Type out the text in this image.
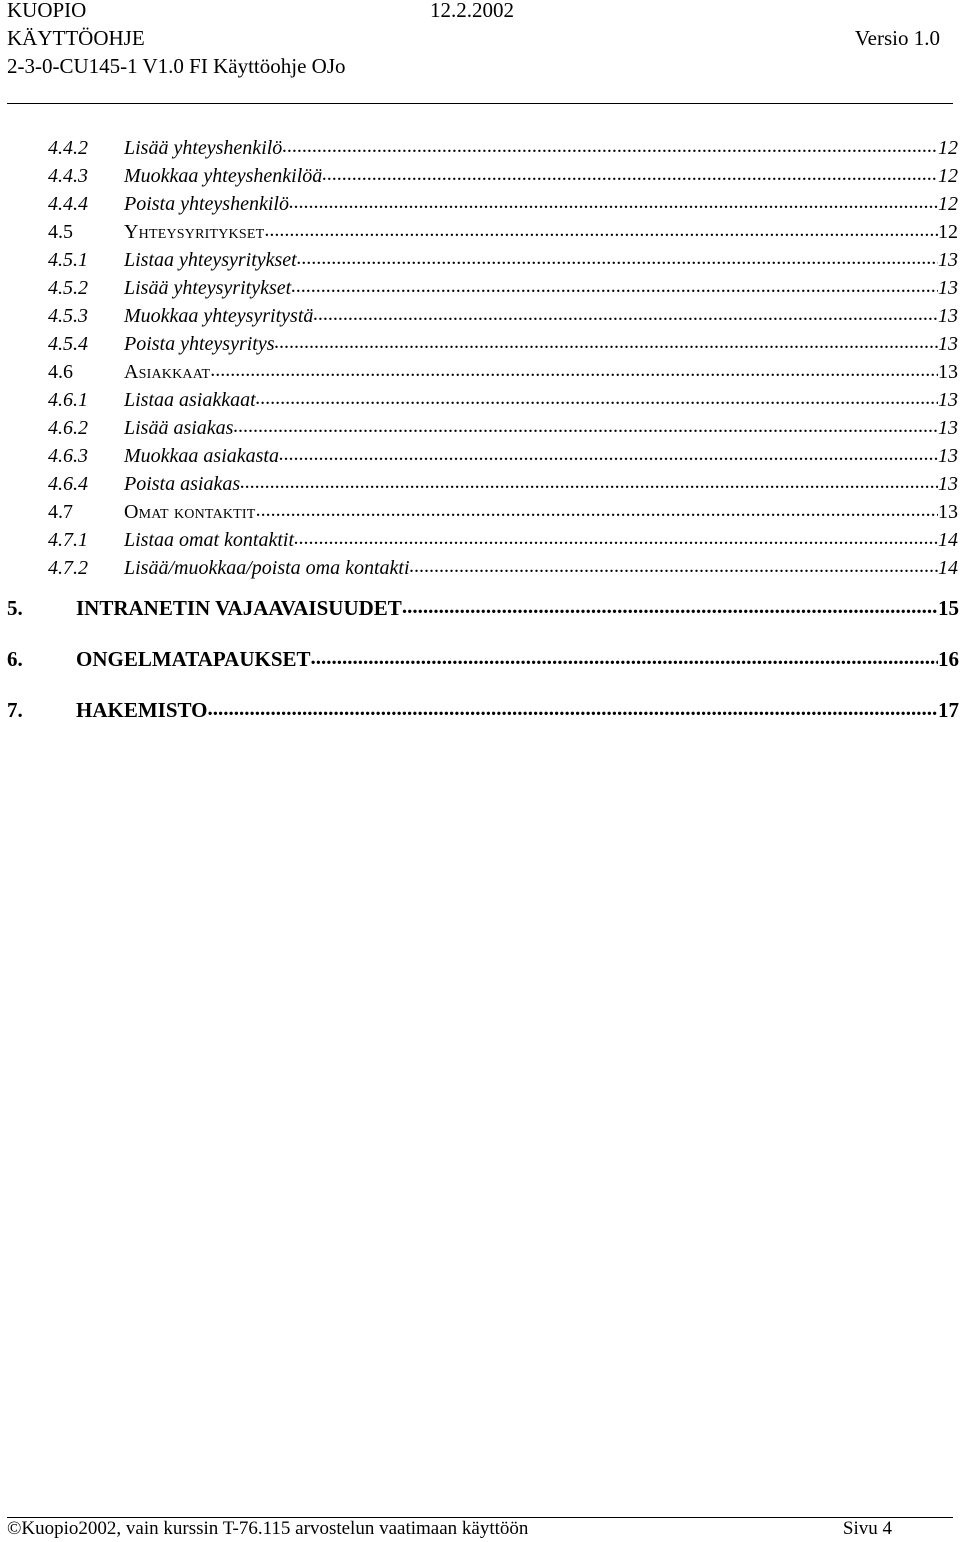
KUOPIO	12.2.2002
KÄYTTÖOHJE	Versio 1.0
2-3-0-CU145-1 V1.0 FI Käyttöohje OJo
4.4.2	Lisää yhteyshenkilö .....	12
4.4.3	Muokkaa yhteyshenkilöä .....	12
4.4.4	Poista yhteyshenkilö .....	12
4.5	Yhteysyritykset .....	12
4.5.1	Listaa yhteysyritykset .....	13
4.5.2	Lisää yhteysyritykset .....	13
4.5.3	Muokkaa yhteysyritystä .....	13
4.5.4	Poista yhteysyritys .....	13
4.6	Asiakkaat .....	13
4.6.1	Listaa asiakkaat .....	13
4.6.2	Lisää asiakas .....	13
4.6.3	Muokkaa asiakasta .....	13
4.6.4	Poista asiakas .....	13
4.7	Omat kontaktit .....	13
4.7.1	Listaa omat kontaktit .....	14
4.7.2	Lisää/muokkaa/poista oma kontakti .....	14
5.	INTRANETIN VAJAAVAISUUDET .....	15
6.	ONGELMATAPAUKSET .....	16
7.	HAKEMISTO .....	17
©Kuopio2002, vain kurssin T-76.115 arvostelun vaatimaan käyttöön	Sivu 4
